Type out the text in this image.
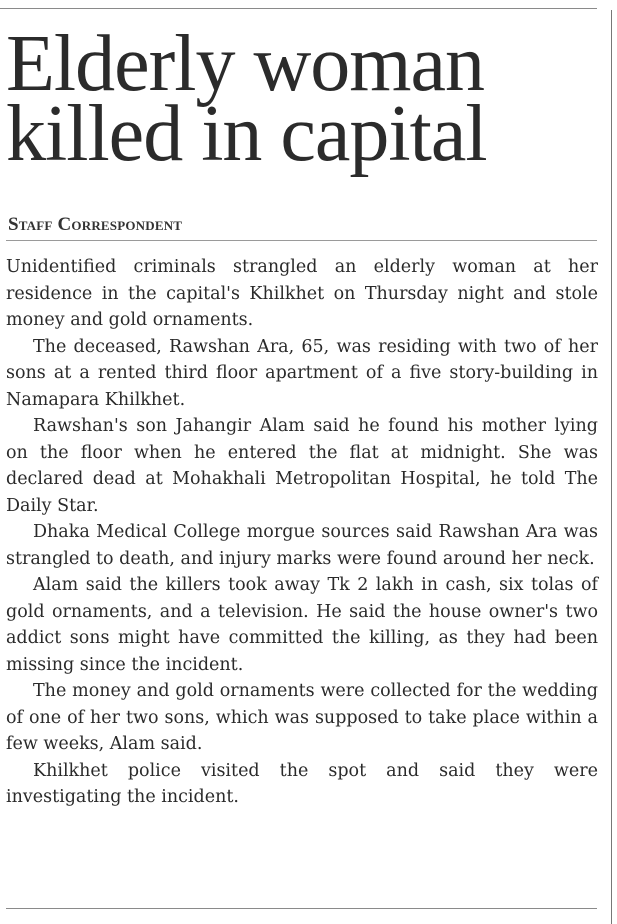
Elderly woman killed in capital
Staff Correspondent

Unidentified criminals strangled an elderly woman at her residence in the capital's Khilkhet on Thursday night and stole money and gold ornaments.

The deceased, Rawshan Ara, 65, was residing with two of her sons at a rented third floor apartment of a five story-building in Namapara Khilkhet.

Rawshan's son Jahangir Alam said he found his mother lying on the floor when he entered the flat at midnight. She was declared dead at Mohakhali Metropolitan Hospital, he told The Daily Star.

Dhaka Medical College morgue sources said Rawshan Ara was strangled to death, and injury marks were found around her neck.

Alam said the killers took away Tk 2 lakh in cash, six tolas of gold ornaments, and a television. He said the house owner's two addict sons might have committed the killing, as they had been missing since the incident.

The money and gold ornaments were collected for the wedding of one of her two sons, which was supposed to take place within a few weeks, Alam said.

Khilkhet police visited the spot and said they were investigating the incident.
